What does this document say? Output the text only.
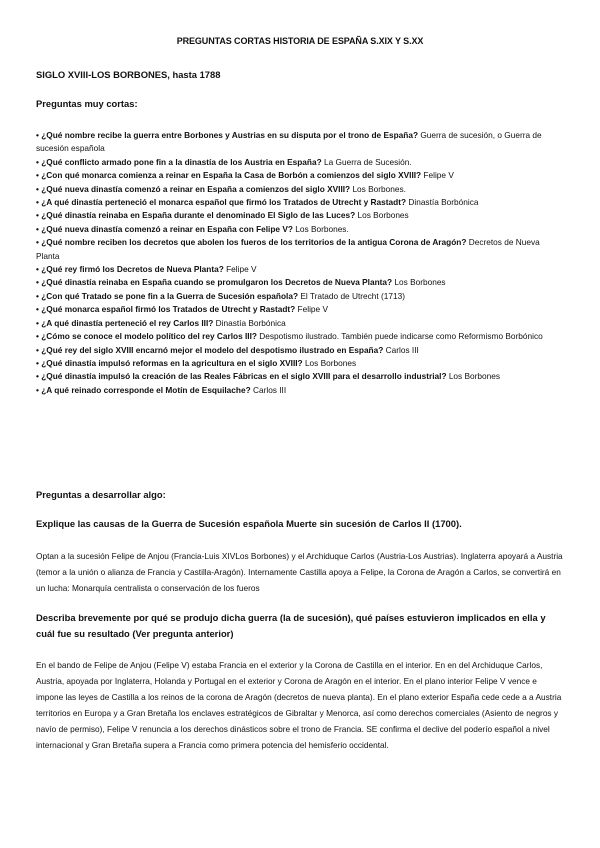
PREGUNTAS CORTAS HISTORIA DE ESPAÑA S.XIX Y S.XX
SIGLO XVIII-LOS BORBONES, hasta 1788
Preguntas muy cortas:
• ¿Qué nombre recibe la guerra entre Borbones y Austrias en su disputa por el trono de España? Guerra de sucesión, o Guerra de sucesión española
• ¿Qué conflicto armado pone fin a la dinastía de los Austria en España? La Guerra de Sucesión.
• ¿Con qué monarca comienza a reinar en España la Casa de Borbón a comienzos del siglo XVIII? Felipe V
• ¿Qué nueva dinastía comenzó a reinar en España a comienzos del siglo XVIII? Los Borbones.
• ¿A qué dinastía perteneció el monarca español que firmó los Tratados de Utrecht y Rastadt? Dinastía Borbónica
• ¿Qué dinastía reinaba en España durante el denominado El Siglo de las Luces? Los Borbones
• ¿Qué nueva dinastía comenzó a reinar en España con Felipe V? Los Borbones.
• ¿Qué nombre reciben los decretos que abolen los fueros de los territorios de la antigua Corona de Aragón? Decretos de Nueva Planta
• ¿Qué rey firmó los Decretos de Nueva Planta? Felipe V
• ¿Qué dinastía reinaba en España cuando se promulgaron los Decretos de Nueva Planta? Los Borbones
• ¿Con qué Tratado se pone fin a la Guerra de Sucesión española? El Tratado de Utrecht (1713)
• ¿Qué monarca español firmó los Tratados de Utrecht y Rastadt? Felipe V
• ¿A qué dinastía perteneció el rey Carlos III? Dinastía Borbónica
• ¿Cómo se conoce el modelo político del rey Carlos III? Despotismo ilustrado. También puede indicarse como Reformismo Borbónico
• ¿Qué rey del siglo XVIII encarnó mejor el modelo del despotismo ilustrado en España? Carlos III
• ¿Qué dinastía impulsó reformas en la agricultura en el siglo XVIII? Los Borbones
• ¿Qué dinastía impulsó la creación de las Reales Fábricas en el siglo XVIII para el desarrollo industrial? Los Borbones
• ¿A qué reinado corresponde el Motín de Esquilache? Carlos III
Preguntas a desarrollar algo:
Explique las causas de la Guerra de Sucesión española Muerte sin sucesión de Carlos II (1700).

Optan a la sucesión Felipe de Anjou (Francia-Luis XIVLos Borbones) y el Archiduque Carlos (Austria-Los Austrias). Inglaterra apoyará a Austria (temor a la unión o alianza de Francia y Castilla-Aragón). Internamente Castilla apoya a Felipe, la Corona de Aragón a Carlos, se convertirá en un lucha: Monarquía centralista o conservación de los fueros

Describa brevemente por qué se produjo dicha guerra (la de sucesión), qué países estuvieron implicados en ella y cuál fue su resultado (Ver pregunta anterior)

En el bando de Felipe de Anjou (Felipe V) estaba Francia en el exterior y la Corona de Castilla en el interior. En en del Archiduque Carlos, Austria, apoyada por Inglaterra, Holanda y Portugal en el exterior y Corona de Aragón en el interior. En el plano interior Felipe V vence e impone las leyes de Castilla a los reinos de la corona de Aragón (decretos de nueva planta). En el plano exterior España cede cede a a Austria territorios en Europa y a Gran Bretaña los enclaves estratégicos de Gibraltar y Menorca, así como derechos comerciales (Asiento de negros y navío de permiso), Felipe V renuncia a los derechos dinásticos sobre el trono de Francia. SE confirma el declive del poderío español a nivel internacional y Gran Bretaña supera a Francia como primera potencia del hemisferio occidental.
